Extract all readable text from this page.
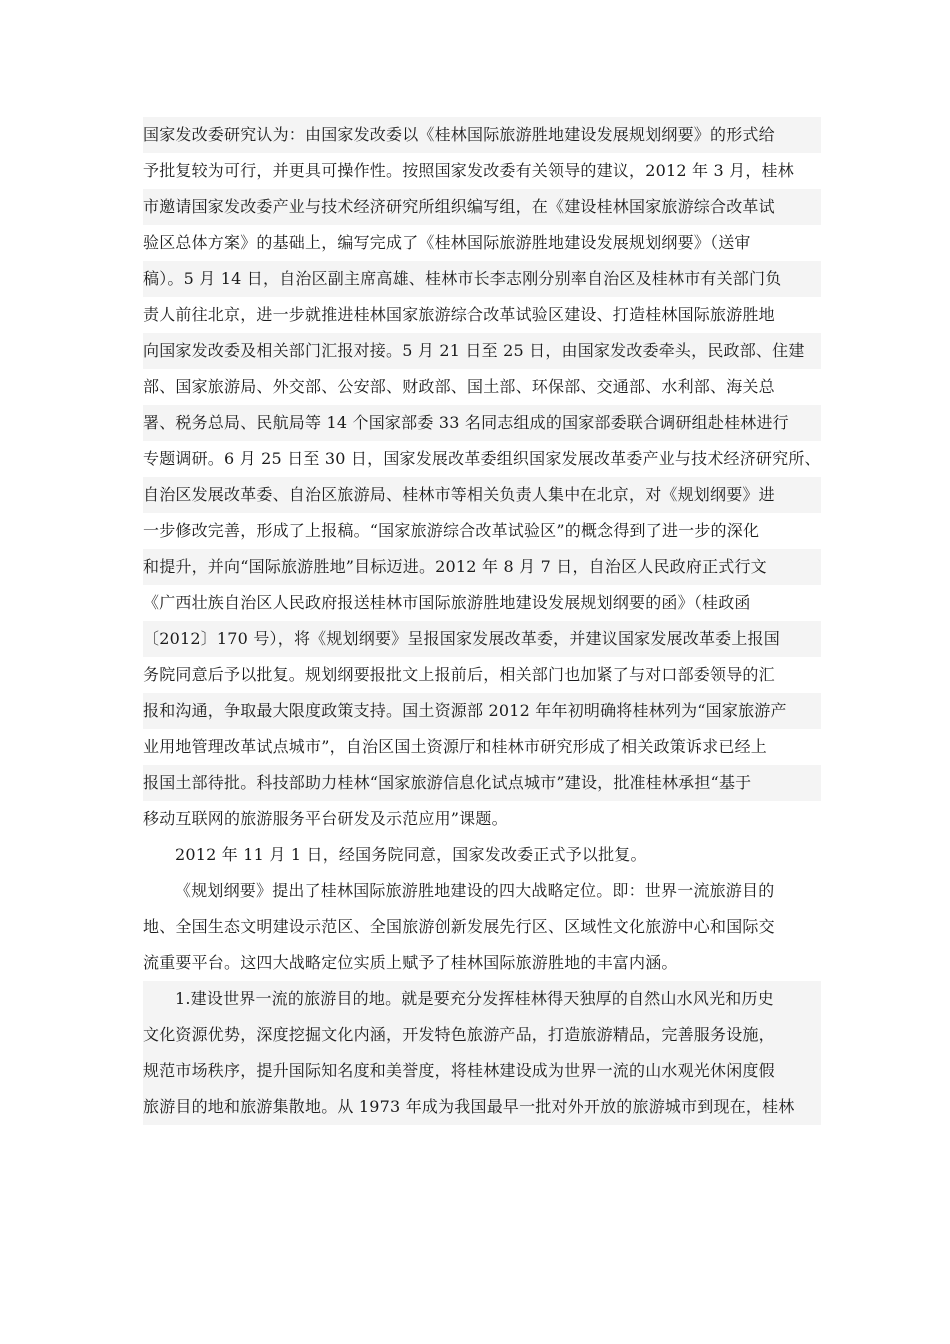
国家发改委研究认为：由国家发改委以《桂林国际旅游胜地建设发展规划纲要》的形式给
予批复较为可行，并更具可操作性。按照国家发改委有关领导的建议，2012 年 3 月，桂林
市邀请国家发改委产业与技术经济研究所组织编写组，在《建设桂林国家旅游综合改革试
验区总体方案》的基础上，编写完成了《桂林国际旅游胜地建设发展规划纲要》（送审
稿）。5 月 14 日，自治区副主席高雄、桂林市长李志刚分别率自治区及桂林市有关部门负
责人前往北京，进一步就推进桂林国家旅游综合改革试验区建设、打造桂林国际旅游胜地
向国家发改委及相关部门汇报对接。5 月 21 日至 25 日，由国家发改委牵头，民政部、住建
部、国家旅游局、外交部、公安部、财政部、国土部、环保部、交通部、水利部、海关总
署、税务总局、民航局等 14 个国家部委 33 名同志组成的国家部委联合调研组赴桂林进行
专题调研。6 月 25 日至 30 日，国家发展改革委组织国家发展改革委产业与技术经济研究所、
自治区发展改革委、自治区旅游局、桂林市等相关负责人集中在北京，对《规划纲要》进
一步修改完善，形成了上报稿。“国家旅游综合改革试验区”的概念得到了进一步的深化
和提升，并向“国际旅游胜地”目标迈进。2012 年 8 月 7 日，自治区人民政府正式行文
《广西壮族自治区人民政府报送桂林市国际旅游胜地建设发展规划纲要的函》（桂政函
〔2012〕170 号），将《规划纲要》呈报国家发展改革委，并建议国家发展改革委上报国
务院同意后予以批复。规划纲要报批文上报前后，相关部门也加紧了与对口部委领导的汇
报和沟通，争取最大限度政策支持。国土资源部 2012 年年初明确将桂林列为“国家旅游产
业用地管理改革试点城市”，自治区国土资源厅和桂林市研究形成了相关政策诉求已经上
报国土部待批。科技部助力桂林“国家旅游信息化试点城市”建设，批准桂林承担“基于
移动互联网的旅游服务平台研发及示范应用”课题。
2012 年 11 月 1 日，经国务院同意，国家发改委正式予以批复。
《规划纲要》提出了桂林国际旅游胜地建设的四大战略定位。即：世界一流旅游目的
地、全国生态文明建设示范区、全国旅游创新发展先行区、区域性文化旅游中心和国际交
流重要平台。这四大战略定位实质上赋予了桂林国际旅游胜地的丰富内涵。
1.建设世界一流的旅游目的地。就是要充分发挥桂林得天独厚的自然山水风光和历史
文化资源优势，深度挖掘文化内涵，开发特色旅游产品，打造旅游精品，完善服务设施，
规范市场秩序，提升国际知名度和美誉度，将桂林建设成为世界一流的山水观光休闲度假
旅游目的地和旅游集散地。从 1973 年成为我国最早一批对外开放的旅游城市到现在，桂林
